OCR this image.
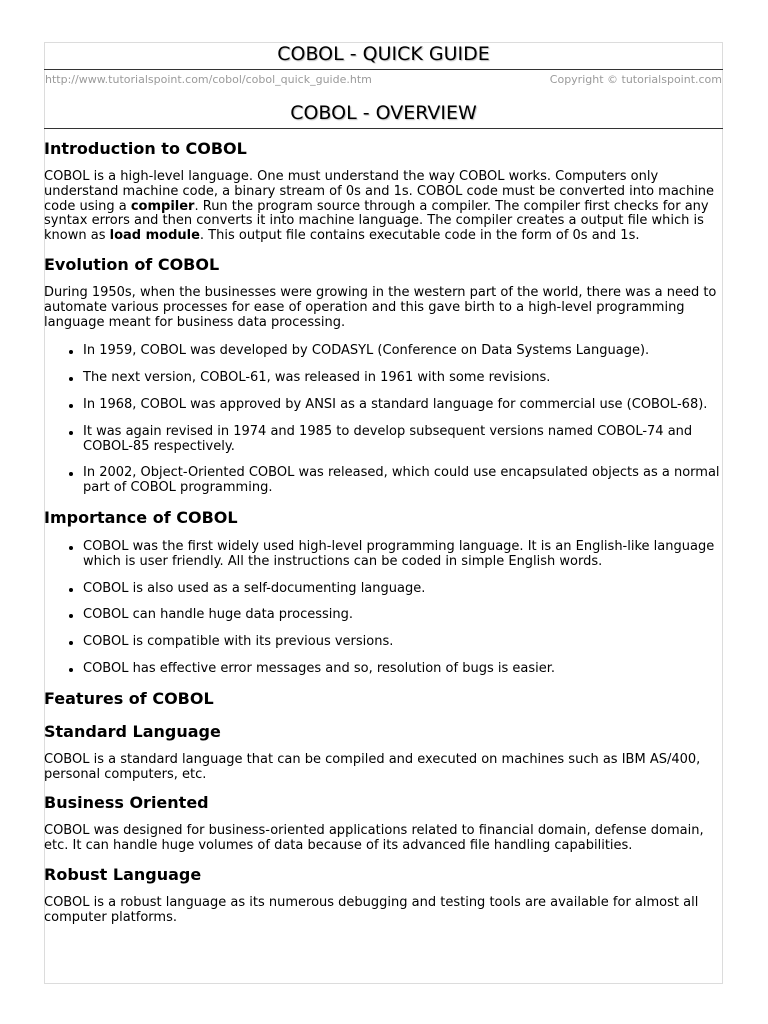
COBOL - QUICK GUIDE
http://www.tutorialspoint.com/cobol/cobol_quick_guide.htm	Copyright © tutorialspoint.com
COBOL - OVERVIEW
Introduction to COBOL

COBOL is a high-level language. One must understand the way COBOL works. Computers only understand machine code, a binary stream of 0s and 1s. COBOL code must be converted into machine code using a compiler. Run the program source through a compiler. The compiler first checks for any syntax errors and then converts it into machine language. The compiler creates a output file which is known as load module. This output file contains executable code in the form of 0s and 1s.

Evolution of COBOL

During 1950s, when the businesses were growing in the western part of the world, there was a need to automate various processes for ease of operation and this gave birth to a high-level programming language meant for business data processing.

In 1959, COBOL was developed by CODASYL (Conference on Data Systems Language).
The next version, COBOL-61, was released in 1961 with some revisions.
In 1968, COBOL was approved by ANSI as a standard language for commercial use (COBOL-68).
It was again revised in 1974 and 1985 to develop subsequent versions named COBOL-74 and COBOL-85 respectively.
In 2002, Object-Oriented COBOL was released, which could use encapsulated objects as a normal part of COBOL programming.
Importance of COBOL
COBOL was the first widely used high-level programming language. It is an English-like language which is user friendly. All the instructions can be coded in simple English words.
COBOL is also used as a self-documenting language.
COBOL can handle huge data processing.
COBOL is compatible with its previous versions.
COBOL has effective error messages and so, resolution of bugs is easier.
Features of COBOL
Standard Language

COBOL is a standard language that can be compiled and executed on machines such as IBM AS/400, personal computers, etc.

Business Oriented

COBOL was designed for business-oriented applications related to financial domain, defense domain, etc. It can handle huge volumes of data because of its advanced file handling capabilities.

Robust Language

COBOL is a robust language as its numerous debugging and testing tools are available for almost all computer platforms.
